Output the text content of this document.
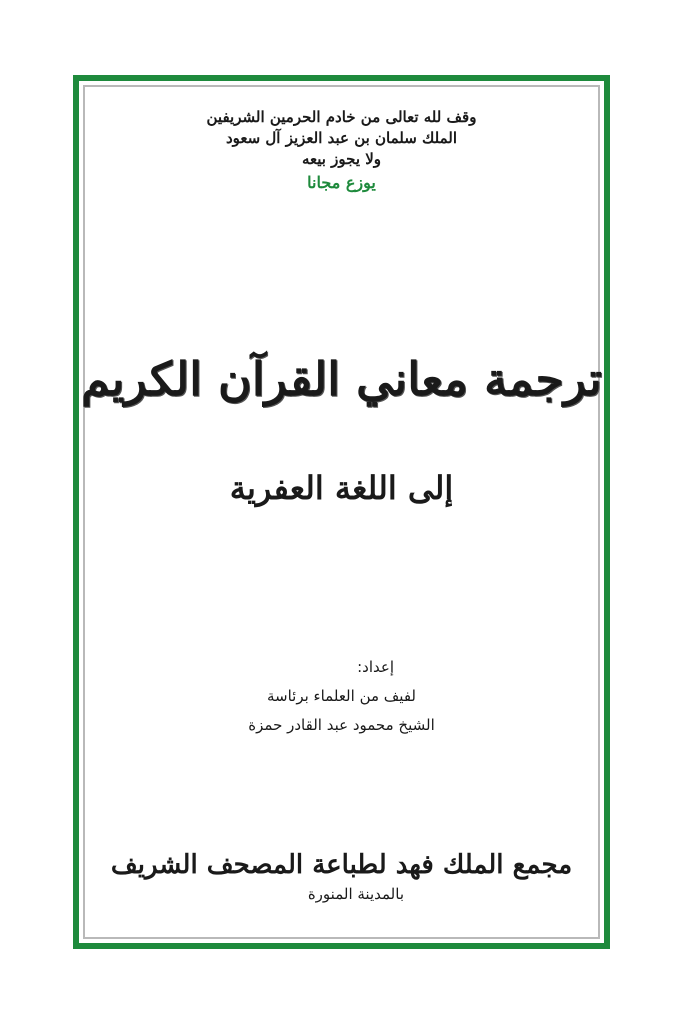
وقف لله تعالى من خادم الحرمين الشريفين
الملك سلمان بن عبد العزيز آل سعود
ولا يجوز بيعه
يوزع مجانا
ترجمة معاني القرآن الكريم
إلى اللغة العفرية
إعداد:
لفيف من العلماء برئاسة
الشيخ محمود عبد القادر حمزة
مجمع الملك فهد لطباعة المصحف الشريف
بالمدينة المنورة
